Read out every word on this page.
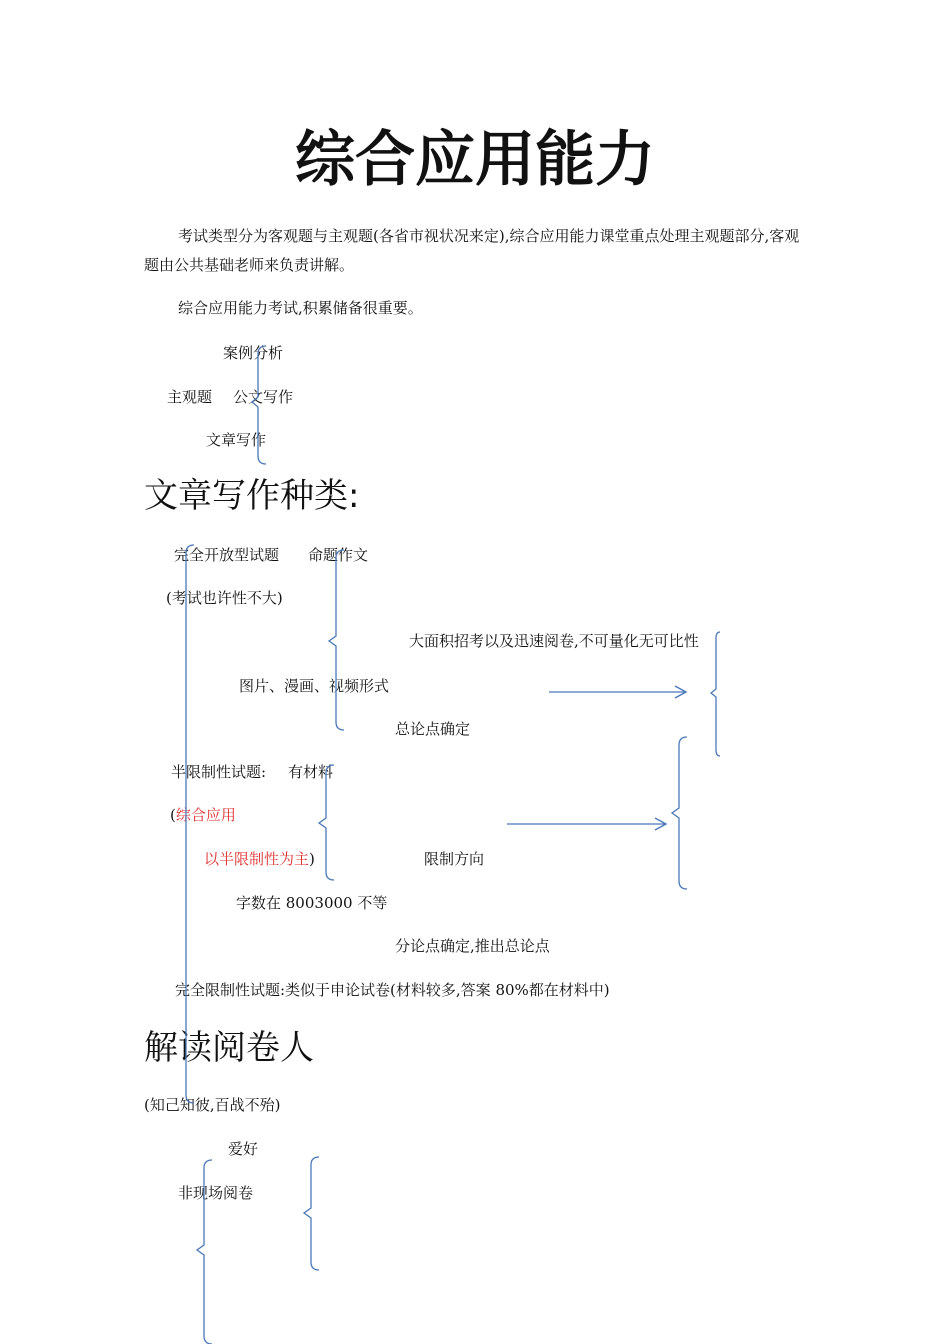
综合应用能力
考试类型分为客观题与主观题(各省市视状况来定),综合应用能力课堂重点处理主观题部分,客观题由公共基础老师来负责讲解。
综合应用能力考试,积累储备很重要。
案例分析
主观题 公文写作
文章写作
文章写作种类:
完全开放型试题 命题作文
(考试也许性不大)
大面积招考以及迅速阅卷,不可量化无可比性
图片、漫画、视频形式
总论点确定
半限制性试题: 有材料
(综合应用
以半限制性为主)	限制方向
字数在 8003000 不等
分论点确定,推出总论点
完全限制性试题:类似于申论试卷(材料较多,答案 80%都在材料中)
解读阅卷人
(知己知彼,百战不殆)
爱好
非现场阅卷
